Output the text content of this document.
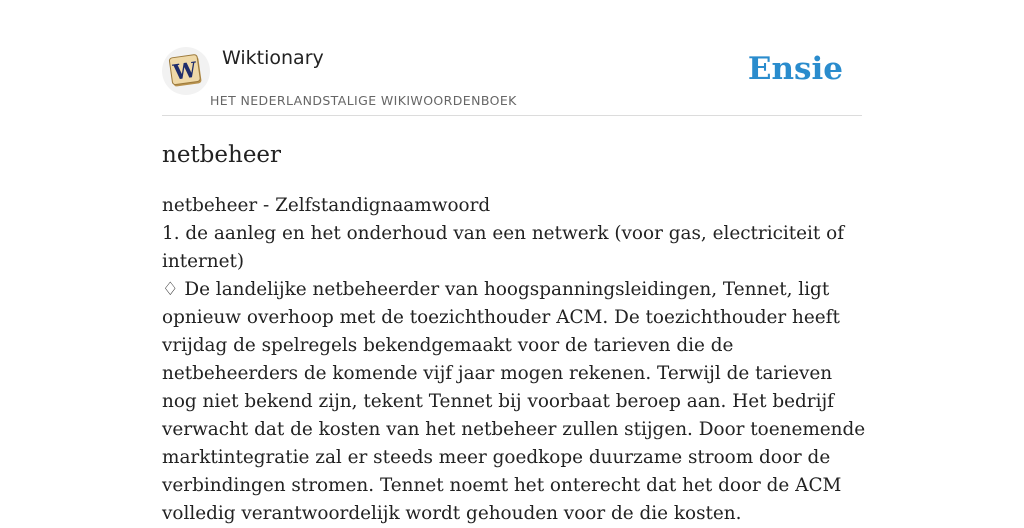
W Wiktionary
HET NEDERLANDSTALIGE WIKIWOORDENBOEK
Ensie
netbeheer

netbeheer - Zelfstandignaamwoord

1. de aanleg en het onderhoud van een netwerk (voor gas, electriciteit of internet)

♢ De landelijke netbeheerder van hoogspanningsleidingen, Tennet, ligt opnieuw overhoop met de toezichthouder ACM. De toezichthouder heeft vrijdag de spelregels bekendgemaakt voor de tarieven die de netbeheerders de komende vijf jaar mogen rekenen. Terwijl de tarieven nog niet bekend zijn, tekent Tennet bij voorbaat beroep aan. Het bedrijf verwacht dat de kosten van het netbeheer zullen stijgen. Door toenemende marktintegratie zal er steeds meer goedkope duurzame stroom door de verbindingen stromen. Tennet noemt het onterecht dat het door de ACM volledig verantwoordelijk wordt gehouden voor de die kosten.
